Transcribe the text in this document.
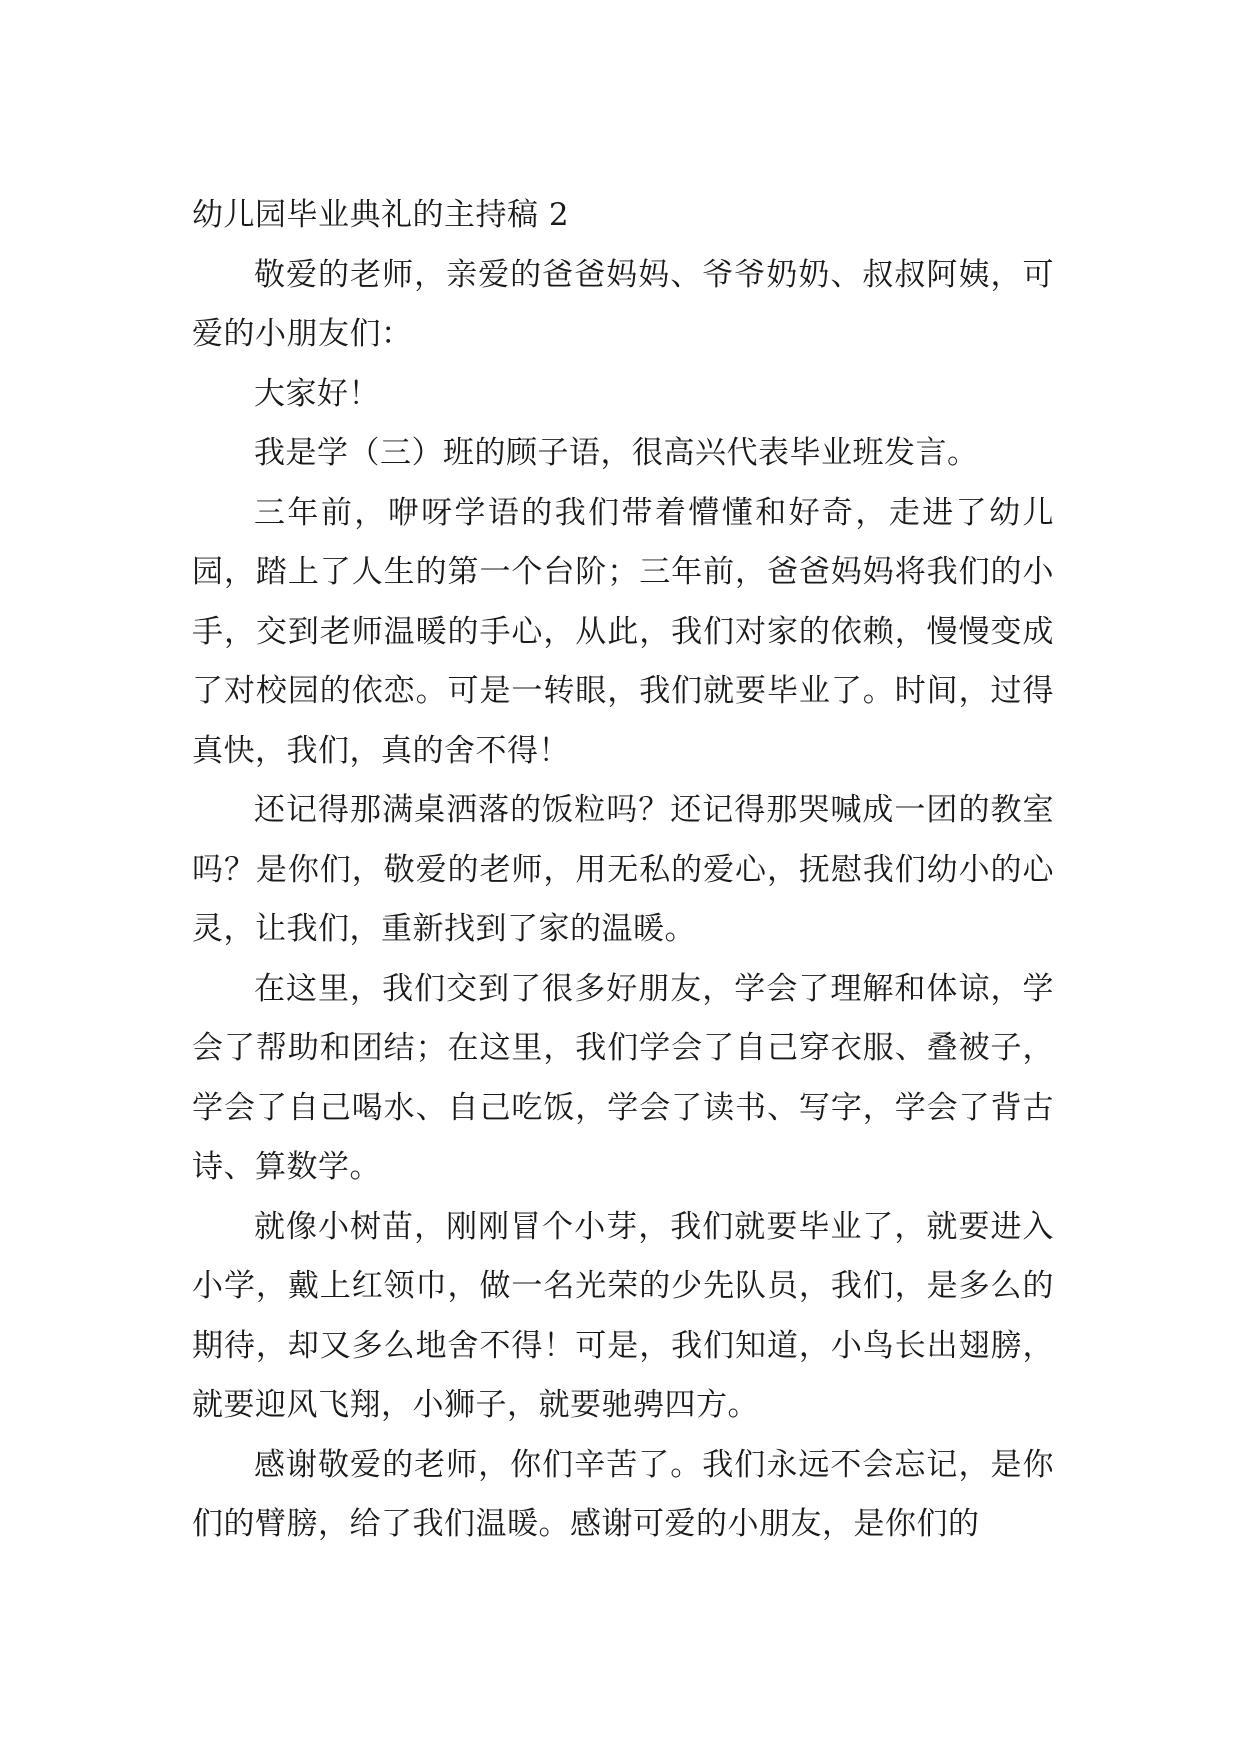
幼儿园毕业典礼的主持稿 2

敬爱的老师，亲爱的爸爸妈妈、爷爷奶奶、叔叔阿姨，可爱的小朋友们：

大家好！

我是学（三）班的顾子语，很高兴代表毕业班发言。

三年前，咿呀学语的我们带着懵懂和好奇，走进了幼儿园，踏上了人生的第一个台阶；三年前，爸爸妈妈将我们的小手，交到老师温暖的手心，从此，我们对家的依赖，慢慢变成了对校园的依恋。可是一转眼，我们就要毕业了。时间，过得真快，我们，真的舍不得！

还记得那满桌洒落的饭粒吗？还记得那哭喊成一团的教室吗？是你们，敬爱的老师，用无私的爱心，抚慰我们幼小的心灵，让我们，重新找到了家的温暖。

在这里，我们交到了很多好朋友，学会了理解和体谅，学会了帮助和团结；在这里，我们学会了自己穿衣服、叠被子，学会了自己喝水、自己吃饭，学会了读书、写字，学会了背古诗、算数学。

就像小树苗，刚刚冒个小芽，我们就要毕业了，就要进入小学，戴上红领巾，做一名光荣的少先队员，我们，是多么的期待，却又多么地舍不得！可是，我们知道，小鸟长出翅膀，就要迎风飞翔，小狮子，就要驰骋四方。

感谢敬爱的老师，你们辛苦了。我们永远不会忘记，是你们的臂膀，给了我们温暖。感谢可爱的小朋友，是你们的
